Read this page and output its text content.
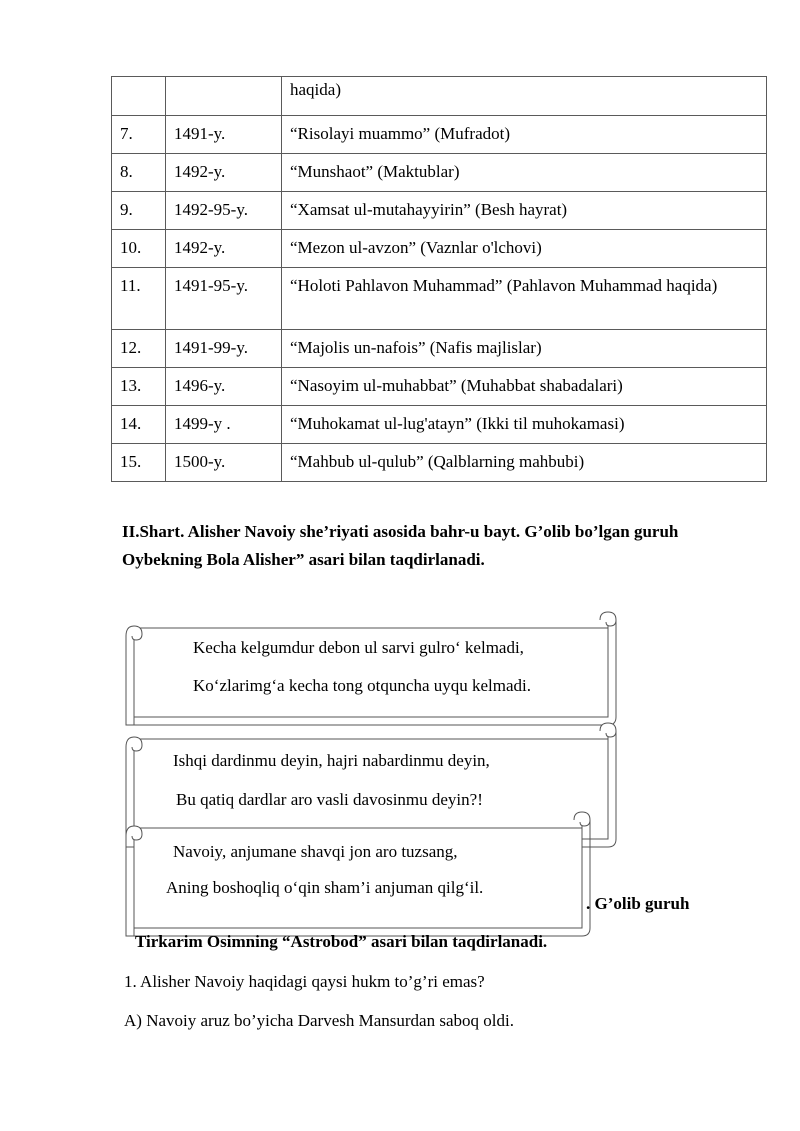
		haqida)
7.	1491-y.	“Risolayi muammo” (Mufradot)
8.	1492-y.	“Munshaot” (Maktublar)
9.	1492-95-y.	“Xamsat ul-mutahayyirin” (Besh hayrat)
10.	1492-y.	“Mezon ul-avzon” (Vaznlar o'lchovi)
11.	1491-95-y.	“Holoti Pahlavon Muhammad” (Pahlavon Muhammad haqida)
12.	1491-99-y.	“Majolis un-nafois” (Nafis majlislar)
13.	1496-y.	“Nasoyim ul-muhabbat” (Muhabbat shabadalari)
14.	1499-y .	“Muhokamat ul-lug'atayn” (Ikki til muhokamasi)
15.	1500-y.	“Mahbub ul-qulub” (Qalblarning mahbubi)

II.Shart. Alisher Navoiy she’riyati asosida bahr-u bayt. G’olib bo’lgan guruh Oybekning Bola Alisher” asari bilan taqdirlanadi.

Kecha kelgumdur debon ul sarvi gulro‘ kelmadi,
Ko‘zlarimg‘a kecha tong otquncha uyqu kelmadi.
Ishqi dardinmu deyin, hajri nabardinmu deyin,
Bu qatiq dardlar aro vasli davosinmu deyin?!
Navoiy, anjumane shavqi jon aro tuzsang,
Aning boshoqliq o‘qin sham’i anjuman qilg‘il.
. G’olib guruh
Tirkarim Osimning “Astrobod” asari bilan taqdirlanadi.

1. Alisher Navoiy haqidagi qaysi hukm to’g’ri emas?

A) Navoiy aruz bo’yicha Darvesh Mansurdan saboq oldi.
